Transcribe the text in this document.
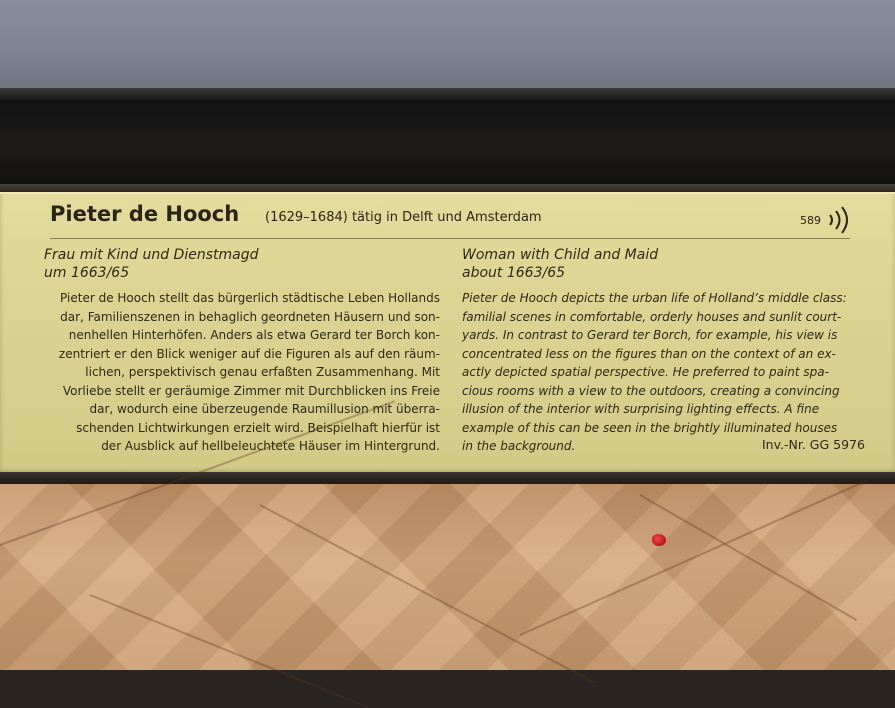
Pieter de Hooch (1629–1684) tätig in Delft und Amsterdam	589

Frau mit Kind und Dienstmagd

um 1663/65

Pieter de Hooch stellt das bürgerlich städtische Leben Hollands
dar, Familienszenen in behaglich geordneten Häusern und son-
nenhellen Hinterhöfen. Anders als etwa Gerard ter Borch kon-
zentriert er den Blick weniger auf die Figuren als auf den räum-
lichen, perspektivisch genau erfaßten Zusammenhang. Mit
Vorliebe stellt er geräumige Zimmer mit Durchblicken ins Freie
dar, wodurch eine überzeugende Raumillusion mit überra-
schenden Lichtwirkungen erzielt wird. Beispielhaft hierfür ist
der Ausblick auf hellbeleuchtete Häuser im Hintergrund.

Woman with Child and Maid

about 1663/65

Pieter de Hooch depicts the urban life of Holland’s middle class:
familial scenes in comfortable, orderly houses and sunlit court-
yards. In contrast to Gerard ter Borch, for example, his view is
concentrated less on the figures than on the context of an ex-
actly depicted spatial perspective. He preferred to paint spa-
cious rooms with a view to the outdoors, creating a convincing
illusion of the interior with surprising lighting effects. A fine
example of this can be seen in the brightly illuminated houses
in the background.	Inv.-Nr. GG 5976
